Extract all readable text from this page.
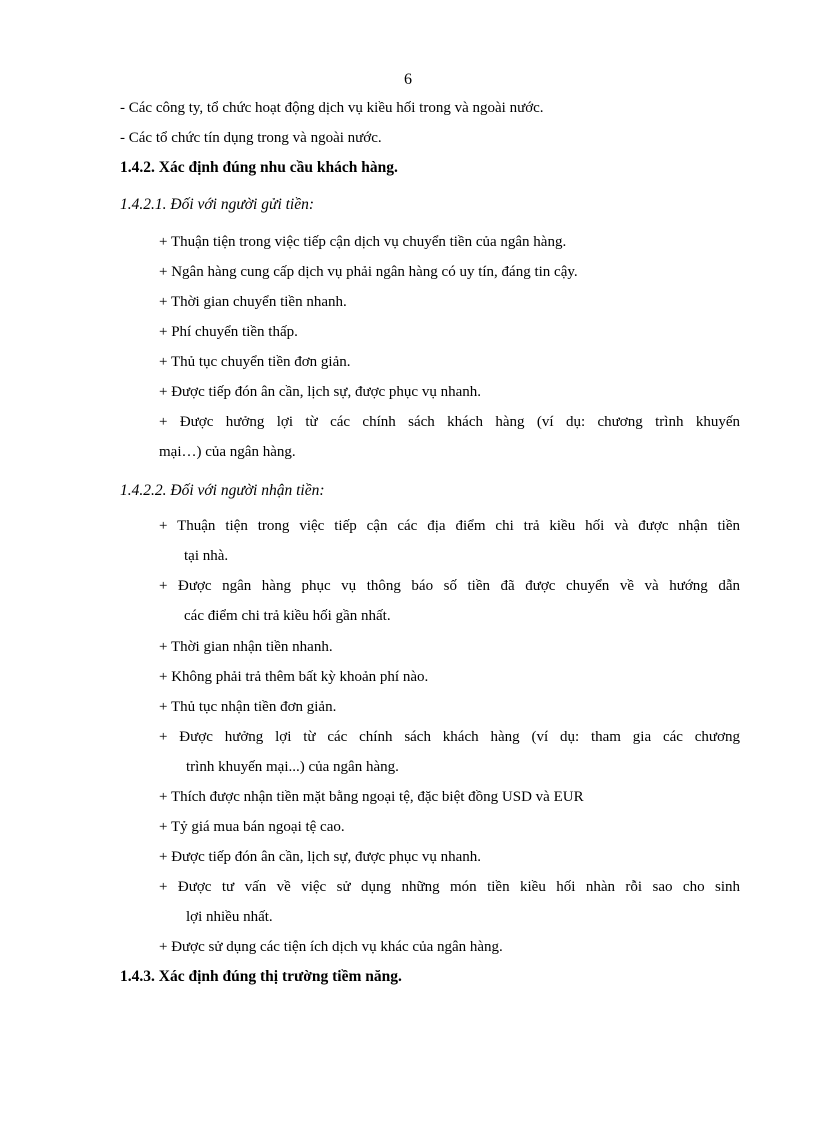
6
- Các công ty, tổ chức hoạt động dịch vụ kiều hối trong và ngoài nước.
- Các tổ chức tín dụng trong và ngoài nước.
1.4.2. Xác định đúng nhu cầu khách hàng.
1.4.2.1. Đối với người gửi tiền:
+ Thuận tiện trong việc tiếp cận dịch vụ chuyển tiền của ngân hàng.
+ Ngân hàng cung cấp dịch vụ phải ngân hàng có uy tín, đáng tin cậy.
+ Thời gian chuyển tiền nhanh.
+ Phí chuyển tiền thấp.
+ Thủ tục chuyển tiền đơn giản.
+ Được tiếp đón ân cần, lịch sự, được phục vụ nhanh.
+ Được hưởng lợi từ các chính sách khách hàng (ví dụ: chương trình khuyến
mại…) của ngân hàng.
1.4.2.2. Đối với người nhận tiền:
+ Thuận tiện trong việc tiếp cận các địa điểm chi trả kiều hối và được nhận tiền
tại nhà.
+ Được ngân hàng phục vụ thông báo số tiền đã được chuyển về và hướng dẫn
các điểm chi trả kiều hối gần nhất.
+ Thời gian nhận tiền nhanh.
+ Không phải trả thêm bất kỳ khoản phí nào.
+ Thủ tục nhận tiền đơn giản.
+ Được hưởng lợi từ các chính sách khách hàng (ví dụ: tham gia các chương
trình khuyến mại...) của ngân hàng.
+ Thích được nhận tiền mặt bằng ngoại tệ, đặc biệt đồng USD và EUR
+ Tỷ giá mua bán ngoại tệ cao.
+ Được tiếp đón ân cần, lịch sự, được phục vụ nhanh.
+ Được tư vấn về việc sử dụng những món tiền kiều hối nhàn rỗi sao cho sinh
lợi nhiều nhất.
+ Được sử dụng các tiện ích dịch vụ khác của ngân hàng.
1.4.3. Xác định đúng thị trường tiềm năng.
